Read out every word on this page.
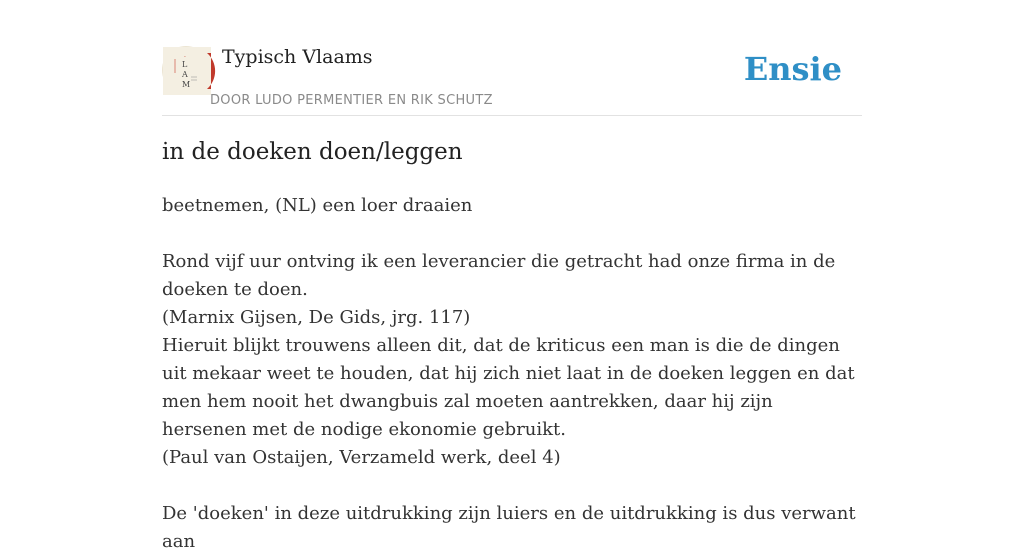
.
L
A
M
Typisch Vlaams
DOOR LUDO PERMENTIER EN RIK SCHUTZ
Ensie
in de doeken doen/leggen

beetnemen, (NL) een loer draaien

Rond vijf uur ontving ik een leverancier die getracht had onze firma in de doeken te doen.

(Marnix Gijsen, De Gids, jrg. 117)

Hieruit blijkt trouwens alleen dit, dat de kriticus een man is die de dingen uit mekaar weet te houden, dat hij zich niet laat in de doeken leggen en dat men hem nooit het dwangbuis zal moeten aantrekken, daar hij zijn hersenen met de nodige ekonomie gebruikt.

(Paul van Ostaijen, Verzameld werk, deel 4)

De 'doeken' in deze uitdrukking zijn luiers en de uitdrukking is dus verwant aan
